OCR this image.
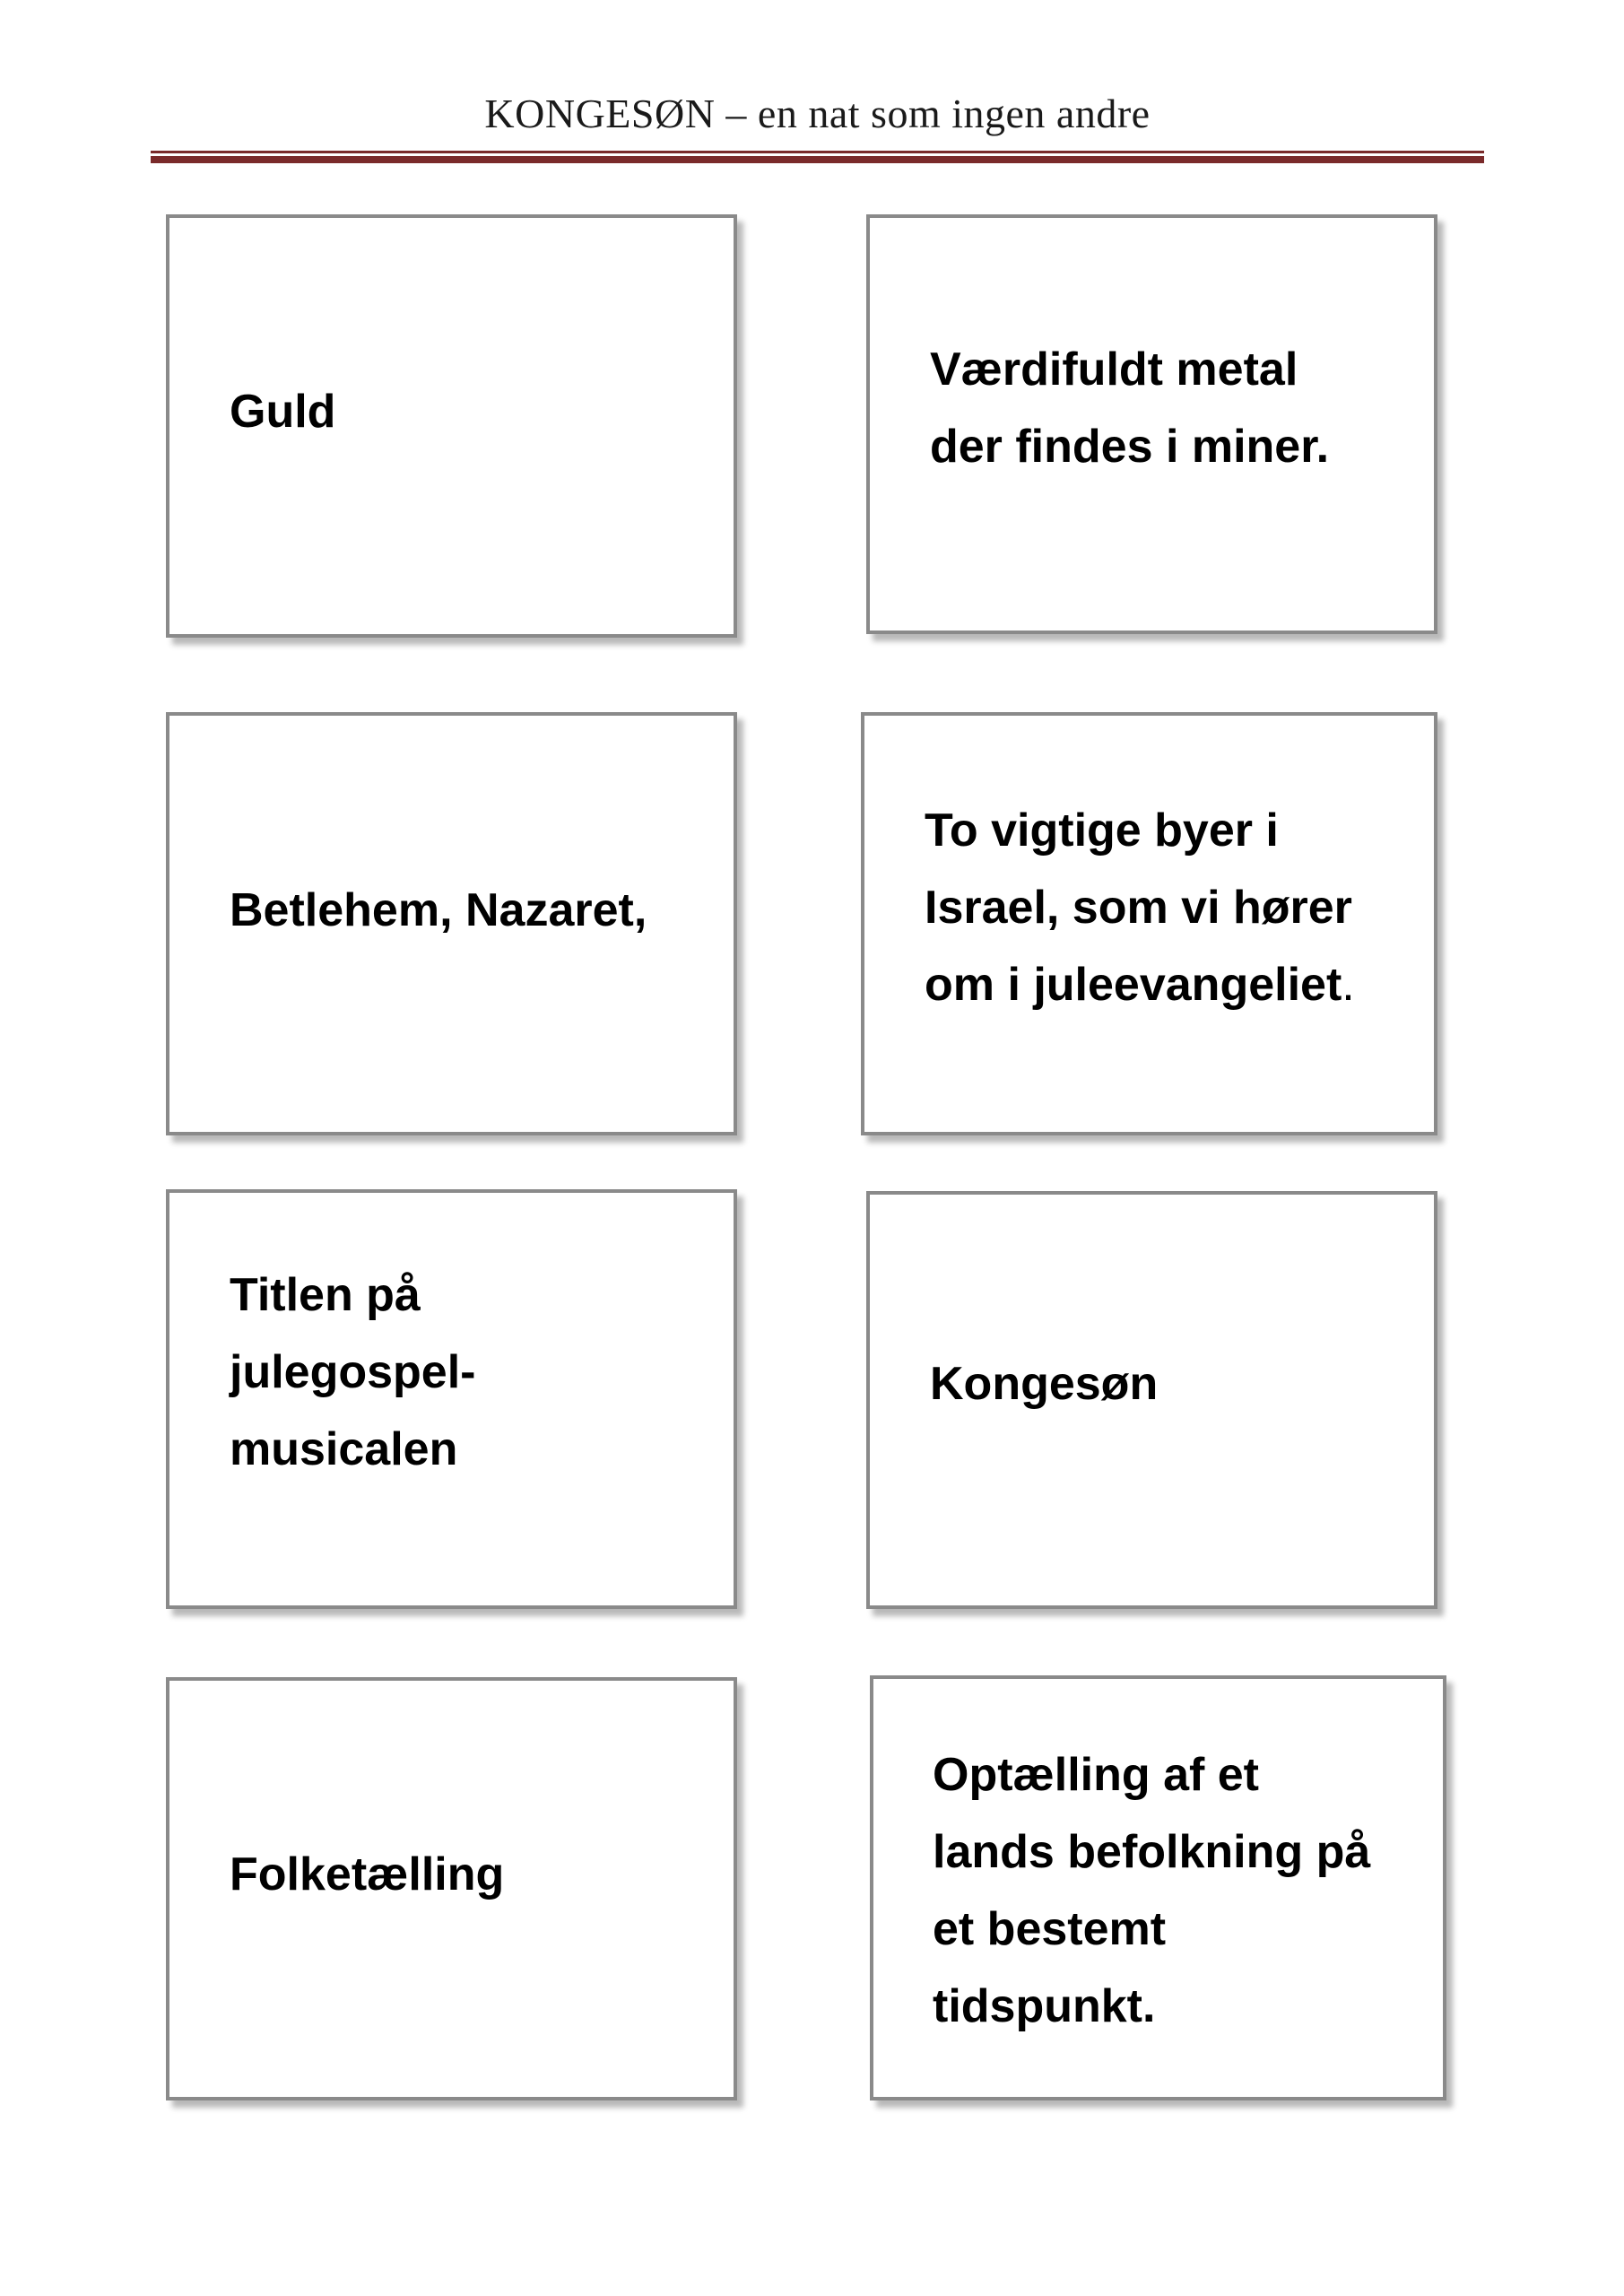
KONGESØN – en nat som ingen andre
Guld
Værdifuldt metal
der findes i miner.
Betlehem, Nazaret,
To vigtige byer i
Israel, som vi hører
om i juleevangeliet.
Titlen på
julegospel-
musicalen
Kongesøn
Folketælling
Optælling af et
lands befolkning på
et bestemt
tidspunkt.
